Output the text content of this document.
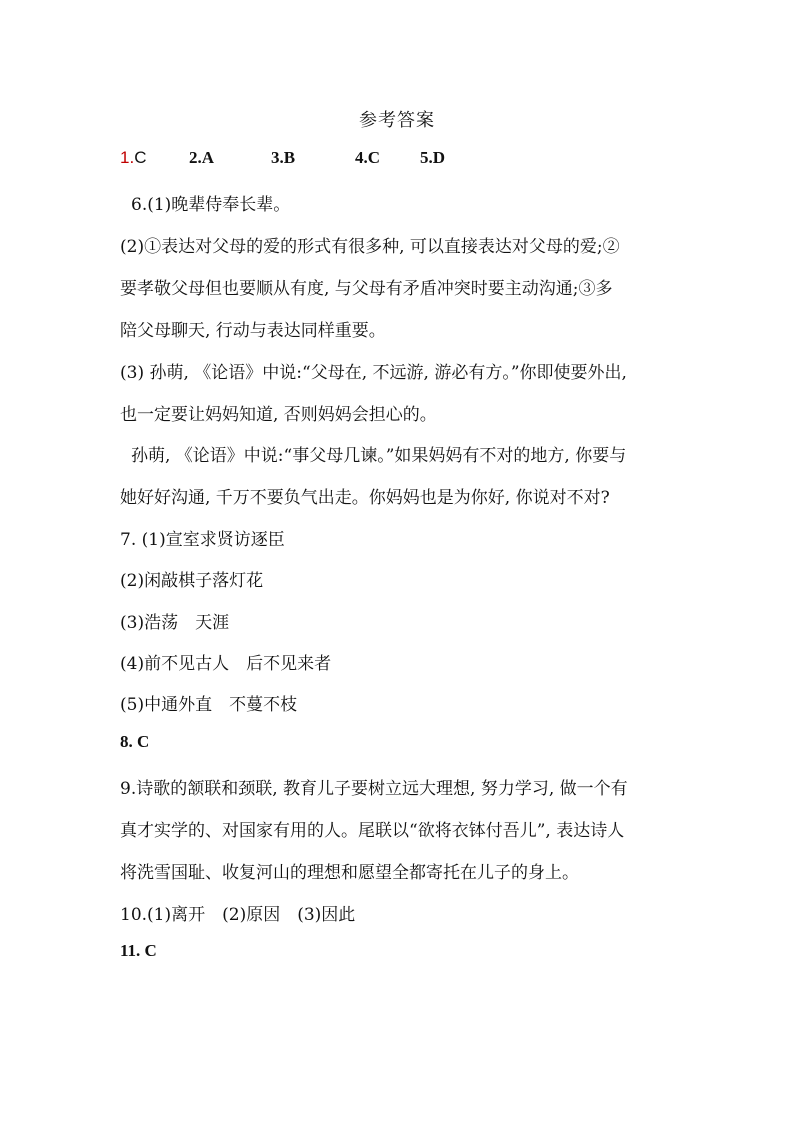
参考答案
1.C	2.A	3.B	4.C 5.D
6.(1)晚辈侍奉长辈。
(2)①表达对父母的爱的形式有很多种, 可以直接表达对父母的爱;②
要孝敬父母但也要顺从有度, 与父母有矛盾冲突时要主动沟通;③多
陪父母聊天, 行动与表达同样重要。
(3) 孙萌, 《论语》中说:“父母在, 不远游, 游必有方。”你即使要外出,
也一定要让妈妈知道, 否则妈妈会担心的。
孙萌, 《论语》中说:“事父母几谏。”如果妈妈有不对的地方, 你要与
她好好沟通, 千万不要负气出走。你妈妈也是为你好, 你说对不对?
7. (1)宣室求贤访逐臣
(2)闲敲棋子落灯花
(3)浩荡　天涯
(4)前不见古人　后不见来者
(5)中通外直　不蔓不枝
8. C
9.诗歌的颔联和颈联, 教育儿子要树立远大理想, 努力学习, 做一个有
真才实学的、对国家有用的人。尾联以“欲将衣钵付吾儿”, 表达诗人
将洗雪国耻、收复河山的理想和愿望全都寄托在儿子的身上。
10.(1)离开　(2)原因　(3)因此
11. C
